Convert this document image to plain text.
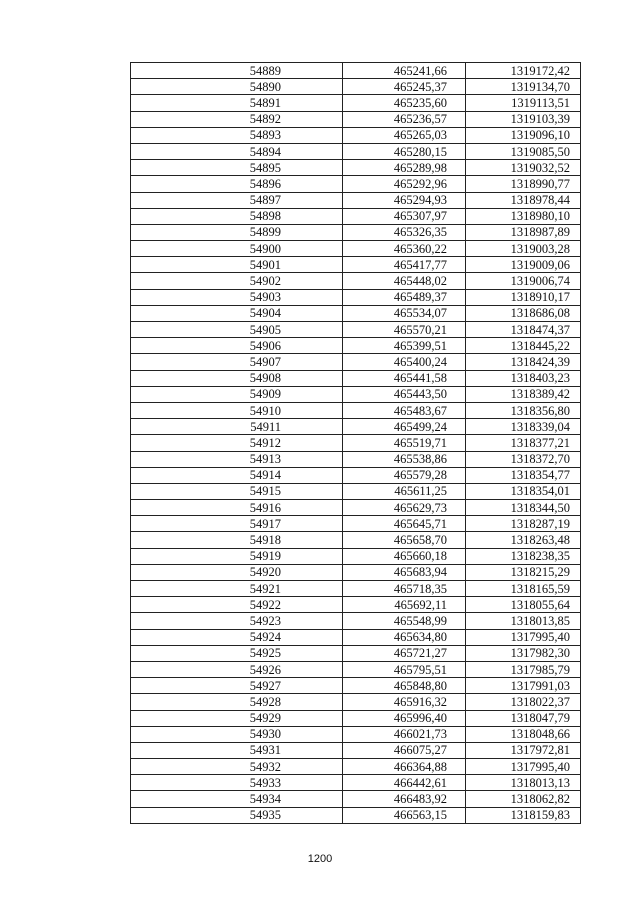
54889	465241,66	1319172,42
54890	465245,37	1319134,70
54891	465235,60	1319113,51
54892	465236,57	1319103,39
54893	465265,03	1319096,10
54894	465280,15	1319085,50
54895	465289,98	1319032,52
54896	465292,96	1318990,77
54897	465294,93	1318978,44
54898	465307,97	1318980,10
54899	465326,35	1318987,89
54900	465360,22	1319003,28
54901	465417,77	1319009,06
54902	465448,02	1319006,74
54903	465489,37	1318910,17
54904	465534,07	1318686,08
54905	465570,21	1318474,37
54906	465399,51	1318445,22
54907	465400,24	1318424,39
54908	465441,58	1318403,23
54909	465443,50	1318389,42
54910	465483,67	1318356,80
54911	465499,24	1318339,04
54912	465519,71	1318377,21
54913	465538,86	1318372,70
54914	465579,28	1318354,77
54915	465611,25	1318354,01
54916	465629,73	1318344,50
54917	465645,71	1318287,19
54918	465658,70	1318263,48
54919	465660,18	1318238,35
54920	465683,94	1318215,29
54921	465718,35	1318165,59
54922	465692,11	1318055,64
54923	465548,99	1318013,85
54924	465634,80	1317995,40
54925	465721,27	1317982,30
54926	465795,51	1317985,79
54927	465848,80	1317991,03
54928	465916,32	1318022,37
54929	465996,40	1318047,79
54930	466021,73	1318048,66
54931	466075,27	1317972,81
54932	466364,88	1317995,40
54933	466442,61	1318013,13
54934	466483,92	1318062,82
54935	466563,15	1318159,83
1200
